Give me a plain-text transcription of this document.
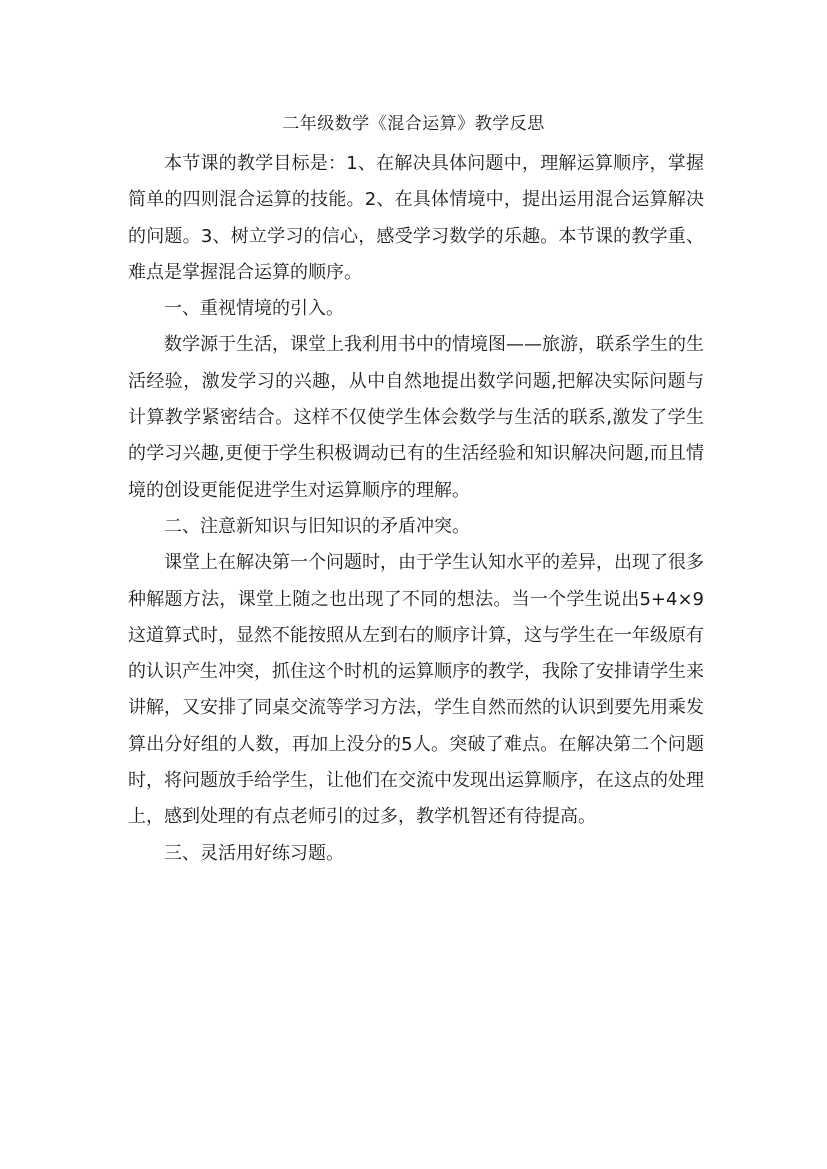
二年级数学《混合运算》教学反思

本节课的教学目标是：1、在解决具体问题中，理解运算顺序，掌握简单的四则混合运算的技能。2、在具体情境中，提出运用混合运算解决的问题。3、树立学习的信心，感受学习数学的乐趣。本节课的教学重、难点是掌握混合运算的顺序。

一、重视情境的引入。

数学源于生活，课堂上我利用书中的情境图——旅游，联系学生的生活经验，激发学习的兴趣，从中自然地提出数学问题,把解决实际问题与计算教学紧密结合。这样不仅使学生体会数学与生活的联系,激发了学生的学习兴趣,更便于学生积极调动已有的生活经验和知识解决问题,而且情境的创设更能促进学生对运算顺序的理解。

二、注意新知识与旧知识的矛盾冲突。

课堂上在解决第一个问题时，由于学生认知水平的差异，出现了很多种解题方法，课堂上随之也出现了不同的想法。当一个学生说出5+4×9这道算式时，显然不能按照从左到右的顺序计算，这与学生在一年级原有的认识产生冲突，抓住这个时机的运算顺序的教学，我除了安排请学生来讲解，又安排了同桌交流等学习方法，学生自然而然的认识到要先用乘发算出分好组的人数，再加上没分的5人。突破了难点。在解决第二个问题时，将问题放手给学生，让他们在交流中发现出运算顺序，在这点的处理上，感到处理的有点老师引的过多，教学机智还有待提高。

三、灵活用好练习题。
